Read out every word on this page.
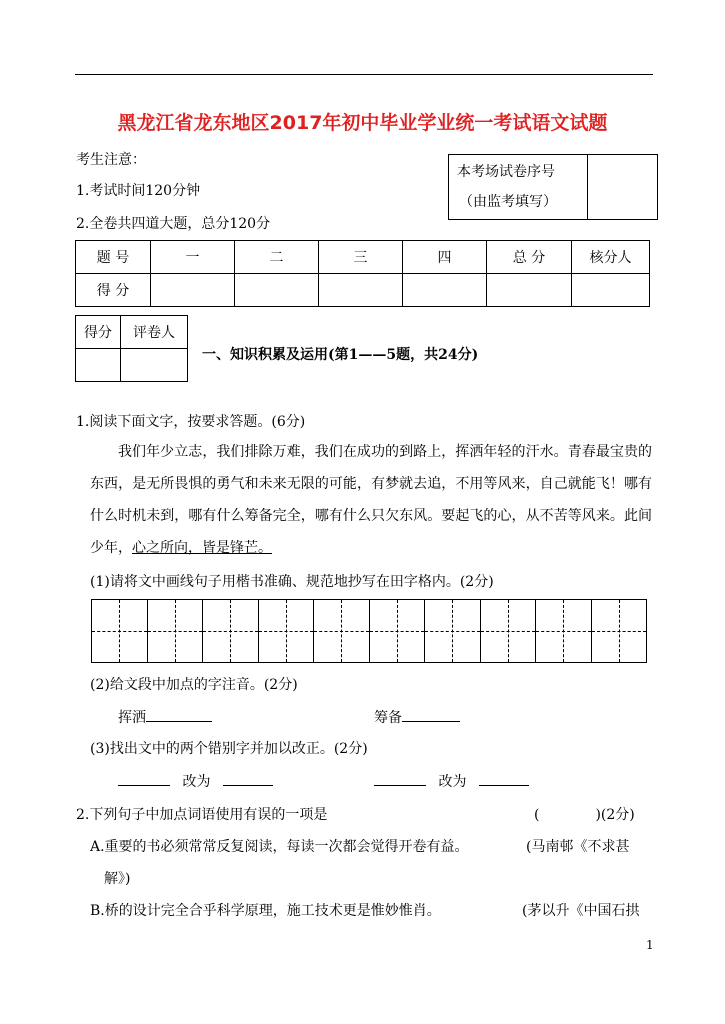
黑龙江省龙东地区2017年初中毕业学业统一考试语文试题
考生注意：
1.考试时间120分钟
2.全卷共四道大题，总分120分
本考场试卷序号
（由监考填写）

题 号	一	二	三	四	总 分	核分人
得 分						
得分	评卷人

一、知识积累及运用(第1——5题，共24分)
1.阅读下面文字，按要求答题。(6分)
我们年少立志，我们排除万难，我们在成功的到路上，挥洒年轻的汗水。青春最宝贵的东西，是无所畏惧的勇气和未来无限的可能，有梦就去追，不用等风来，自己就能飞！哪有什么时机未到，哪有什么筹备完全，哪有什么只欠东风。要起飞的心，从不苦等风来。此间少年，心之所向，皆是锋芒。
(1)请将文中画线句子用楷书准确、规范地抄写在田字格内。(2分)
(2)给文段中加点的字注音。(2分)
挥洒	筹备
(3)找出文中的两个错别字并加以改正。(2分)
改为	改为
2.下列句子中加点词语使用有误的一项是	(　　　　)(2分)
A.重要的书必须常常反复阅读，每读一次都会觉得开卷有益。	(马南邨《不求甚
解》)
B.桥的设计完全合乎科学原理，施工技术更是惟妙惟肖。	(茅以升《中国石拱
1
